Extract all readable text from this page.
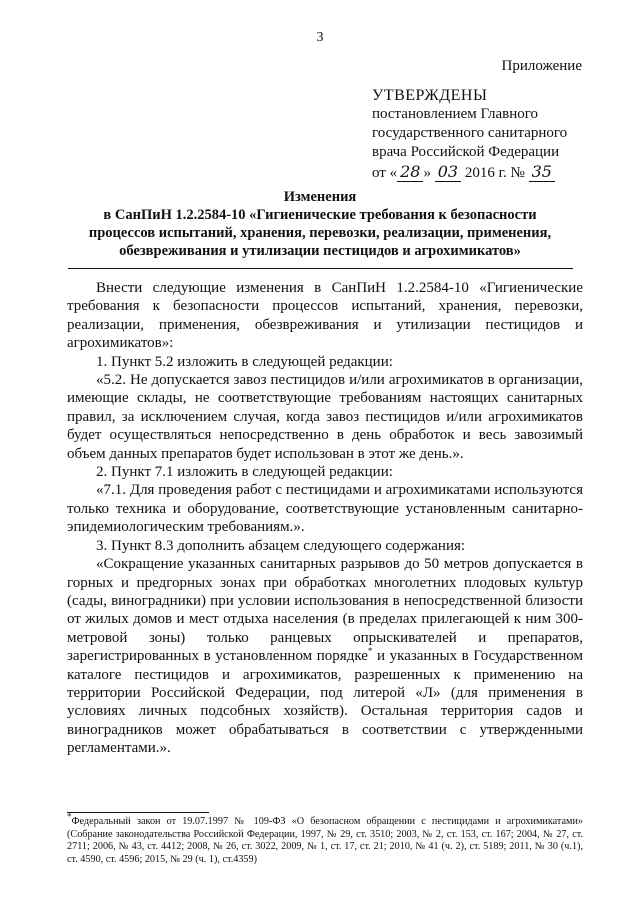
3
Приложение
УТВЕРЖДЕНЫ
постановлением Главного
государственного санитарного
врача Российской Федерации
от « 28 » 03 2016 г. № 35
Изменения
в СанПиН 1.2.2584-10 «Гигиенические требования к безопасности
процессов испытаний, хранения, перевозки, реализации, применения,
обезвреживания и утилизации пестицидов и агрохимикатов»

Внести следующие изменения в СанПиН 1.2.2584-10 «Гигиенические требования к безопасности процессов испытаний, хранения, перевозки, реализации, применения, обезвреживания и утилизации пестицидов и агрохимикатов»:

1. Пункт 5.2 изложить в следующей редакции:

«5.2. Не допускается завоз пестицидов и/или агрохимикатов в организации, имеющие склады, не соответствующие требованиям настоящих санитарных правил, за исключением случая, когда завоз пестицидов и/или агрохимикатов будет осуществляться непосредственно в день обработок и весь завозимый объем данных препаратов будет использован в этот же день.».

2. Пункт 7.1 изложить в следующей редакции:

«7.1. Для проведения работ с пестицидами и агрохимикатами используются только техника и оборудование, соответствующие установленным санитарно-эпидемиологическим требованиям.».

3. Пункт 8.3 дополнить абзацем следующего содержания:

«Сокращение указанных санитарных разрывов до 50 метров допускается в горных и предгорных зонах при обработках многолетних плодовых культур (сады, виноградники) при условии использования в непосредственной близости от жилых домов и мест отдыха населения (в пределах прилегающей к ним 300-метровой зоны) только ранцевых опрыскивателей и препаратов, зарегистрированных в установленном порядке* и указанных в Государственном каталоге пестицидов и агрохимикатов, разрешенных к применению на территории Российской Федерации, под литерой «Л» (для применения в условиях личных подсобных хозяйств). Остальная территория садов и виноградников может обрабатываться в соответствии с утвержденными регламентами.».

*Федеральный закон от 19.07.1997 № 109-ФЗ «О безопасном обращении с пестицидами и агрохимикатами» (Собрание законодательства Российской Федерации, 1997, № 29, ст. 3510; 2003, № 2, ст. 153, ст. 167; 2004, № 27, ст. 2711; 2006, № 43, ст. 4412; 2008, № 26, ст. 3022, 2009, № 1, ст. 17, ст. 21; 2010, № 41 (ч. 2), ст. 5189; 2011, № 30 (ч.1), ст. 4590, ст. 4596; 2015, № 29 (ч. 1), ст.4359)
